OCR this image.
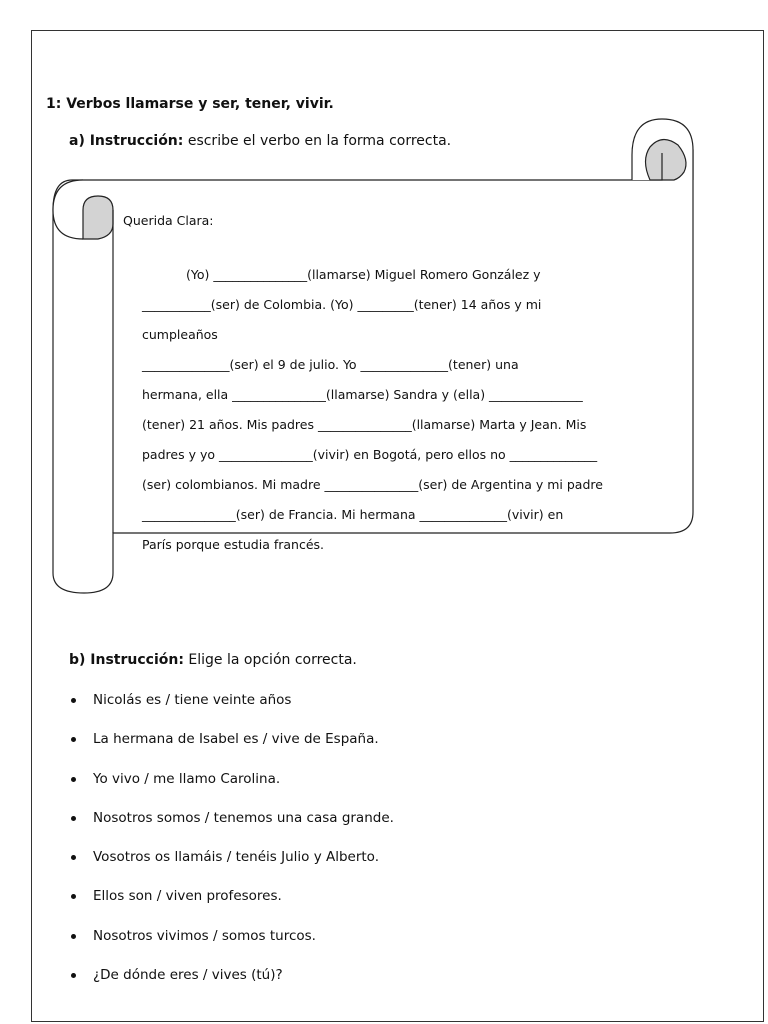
1: Verbos llamarse y ser, tener, vivir.
a) Instrucción: escribe el verbo en la forma correcta.
Querida Clara:
(Yo) _______________(llamarse) Miguel Romero González y
___________(ser) de Colombia. (Yo) _________(tener) 14 años y mi
cumpleaños
______________(ser) el 9 de julio. Yo ______________(tener) una
hermana, ella _______________(llamarse) Sandra y (ella) _______________
(tener) 21 años. Mis padres _______________(llamarse) Marta y Jean. Mis
padres y yo _______________(vivir) en Bogotá, pero ellos no ______________
(ser) colombianos. Mi madre _______________(ser) de Argentina y mi padre
_______________(ser) de Francia. Mi hermana ______________(vivir) en
París porque estudia francés.
b) Instrucción: Elige la opción correcta.
Nicolás es / tiene veinte años
La hermana de Isabel es / vive de España.
Yo vivo / me llamo Carolina.
Nosotros somos / tenemos una casa grande.
Vosotros os llamáis / tenéis Julio y Alberto.
Ellos son / viven profesores.
Nosotros vivimos / somos turcos.
¿De dónde eres / vives (tú)?
